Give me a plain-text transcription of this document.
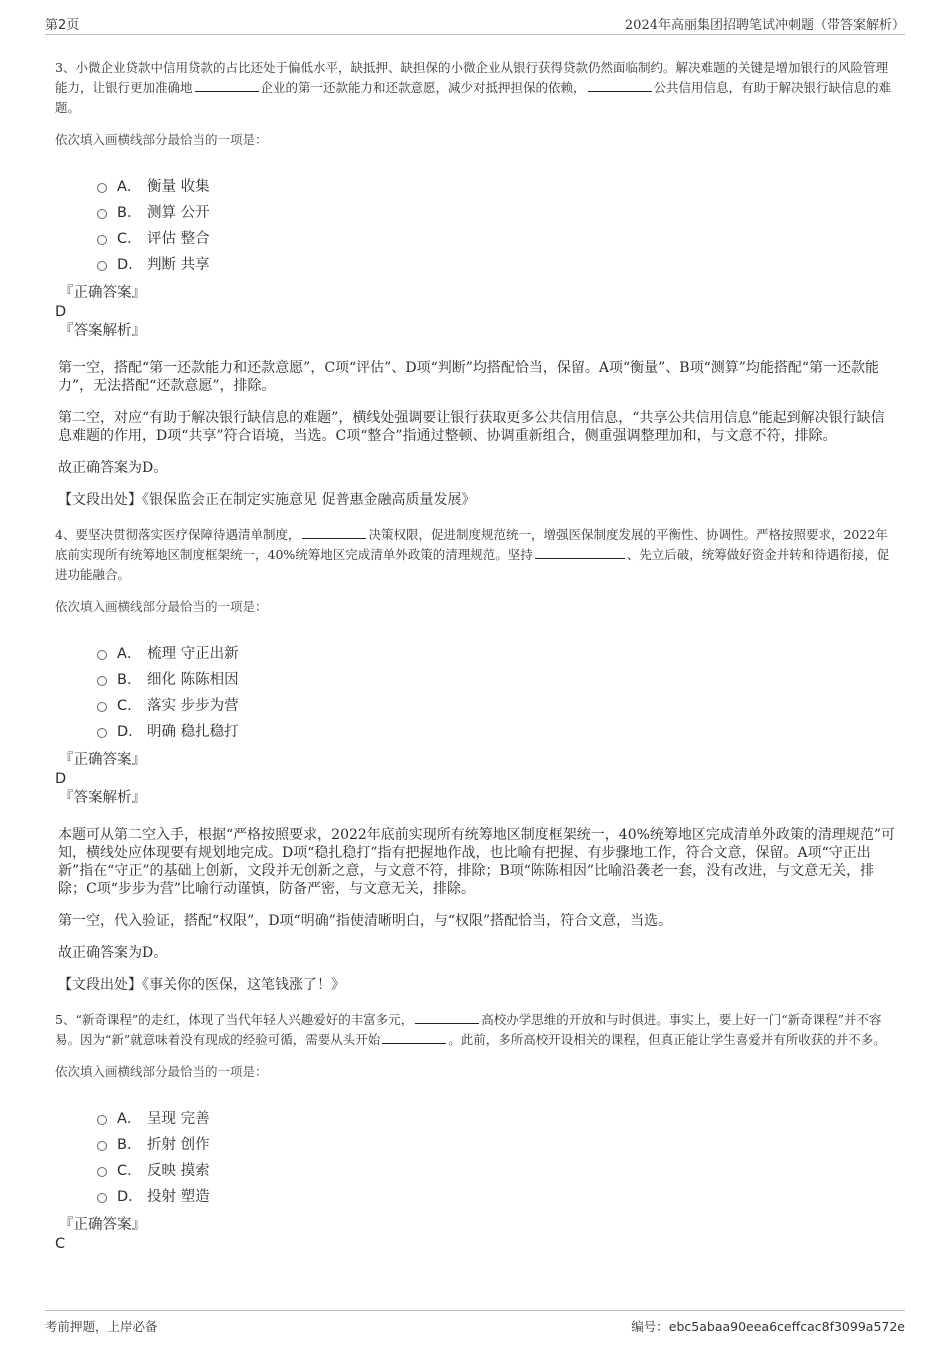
第2页	2024年高丽集团招聘笔试冲刺题（带答案解析）

3、小微企业贷款中信用贷款的占比还处于偏低水平，缺抵押、缺担保的小微企业从银行获得贷款仍然面临制约。解决难题的关键是增加银行的风险管理能力，让银行更加准确地	企业的第一还款能力和还款意愿，减少对抵押担保的依赖，	公共信用信息，有助于解决银行缺信息的难题。

依次填入画横线部分最恰当的一项是：

A． 衡量 收集
B． 测算 公开
C． 评估 整合
D． 判断 共享

『正确答案』

D

『答案解析』

第一空，搭配“第一还款能力和还款意愿”，C项“评估”、D项“判断”均搭配恰当，保留。A项“衡量”、B项“测算”均能搭配“第一还款能力”，无法搭配“还款意愿”，排除。

第二空，对应“有助于解决银行缺信息的难题”，横线处强调要让银行获取更多公共信用信息，“共享公共信用信息”能起到解决银行缺信息难题的作用，D项“共享”符合语境，当选。C项“整合”指通过整顿、协调重新组合，侧重强调整理加和，与文意不符，排除。

故正确答案为D。

【文段出处】《银保监会正在制定实施意见 促普惠金融高质量发展》

4、要坚决贯彻落实医疗保障待遇清单制度，	决策权限，促进制度规范统一，增强医保制度发展的平衡性、协调性。严格按照要求，2022年底前实现所有统筹地区制度框架统一，40%统筹地区完成清单外政策的清理规范。坚持	、先立后破，统筹做好资金并转和待遇衔接，促进功能融合。

依次填入画横线部分最恰当的一项是：

A． 梳理 守正出新
B． 细化 陈陈相因
C． 落实 步步为营
D． 明确 稳扎稳打

『正确答案』

D

『答案解析』

本题可从第二空入手，根据“严格按照要求，2022年底前实现所有统筹地区制度框架统一，40%统筹地区完成清单外政策的清理规范”可知，横线处应体现要有规划地完成。D项“稳扎稳打”指有把握地作战，也比喻有把握、有步骤地工作，符合文意，保留。A项“守正出新”指在“守正”的基础上创新，文段并无创新之意，与文意不符，排除；B项“陈陈相因”比喻沿袭老一套，没有改进，与文意无关，排除；C项“步步为营”比喻行动谨慎，防备严密，与文意无关，排除。

第一空，代入验证，搭配“权限”，D项“明确”指使清晰明白，与“权限”搭配恰当，符合文意，当选。

故正确答案为D。

【文段出处】《事关你的医保，这笔钱涨了！》

5、“新奇课程”的走红，体现了当代年轻人兴趣爱好的丰富多元，	高校办学思维的开放和与时俱进。事实上，要上好一门“新奇课程”并不容易。因为“新”就意味着没有现成的经验可循，需要从头开始	。此前，多所高校开设相关的课程，但真正能让学生喜爱并有所收获的并不多。

依次填入画横线部分最恰当的一项是：

A． 呈现 完善
B． 折射 创作
C． 反映 摸索
D． 投射 塑造

『正确答案』

C

考前押题，上岸必备	编号：ebc5abaa90eea6ceffcac8f3099a572e
